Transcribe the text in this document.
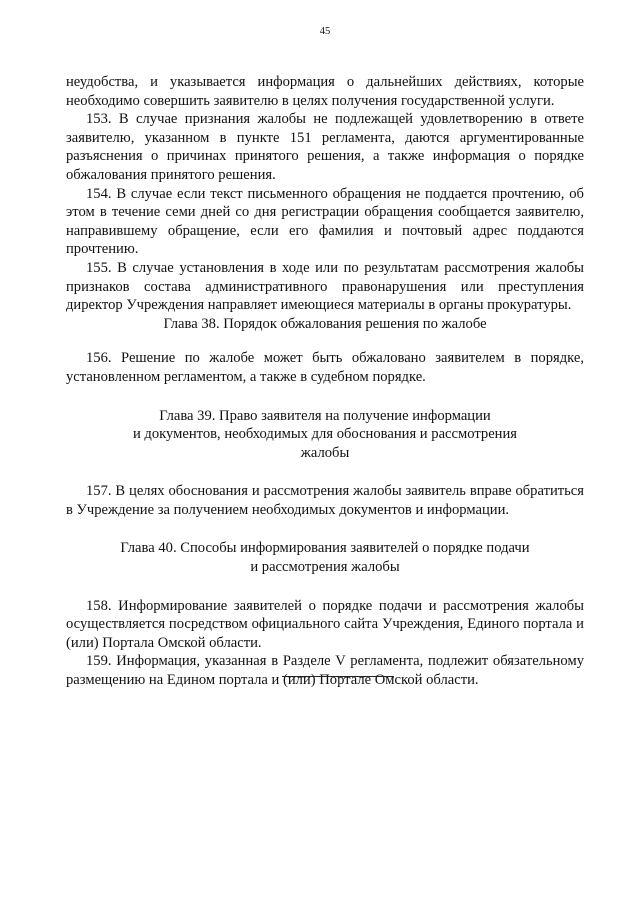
45

неудобства, и указывается информация о дальнейших действиях, которые необходимо совершить заявителю в целях получения государственной услуги.

153. В случае признания жалобы не подлежащей удовлетворению в ответе заявителю, указанном в пункте 151 регламента, даются аргументированные разъяснения о причинах принятого решения, а также информация о порядке обжалования принятого решения.

154. В случае если текст письменного обращения не поддается прочтению, об этом в течение семи дней со дня регистрации обращения сообщается заявителю, направившему обращение, если его фамилия и почтовый адрес поддаются прочтению.

155. В случае установления в ходе или по результатам рассмотрения жалобы признаков состава административного правонарушения или преступления директор Учреждения направляет имеющиеся материалы в органы прокуратуры.

Глава 38. Порядок обжалования решения по жалобе

156. Решение по жалобе может быть обжаловано заявителем в порядке, установленном регламентом, а также в судебном порядке.

Глава 39. Право заявителя на получение информации
и документов, необходимых для обоснования и рассмотрения
жалобы

157. В целях обоснования и рассмотрения жалобы заявитель вправе обратиться в Учреждение за получением необходимых документов и информации.

Глава 40. Способы информирования заявителей о порядке подачи
и рассмотрения жалобы

158. Информирование заявителей о порядке подачи и рассмотрения жалобы осуществляется посредством официального сайта Учреждения, Единого портала и (или) Портала Омской области.

159. Информация, указанная в Разделе V регламента, подлежит обязательному размещению на Едином портала и (или) Портале Омской области.
